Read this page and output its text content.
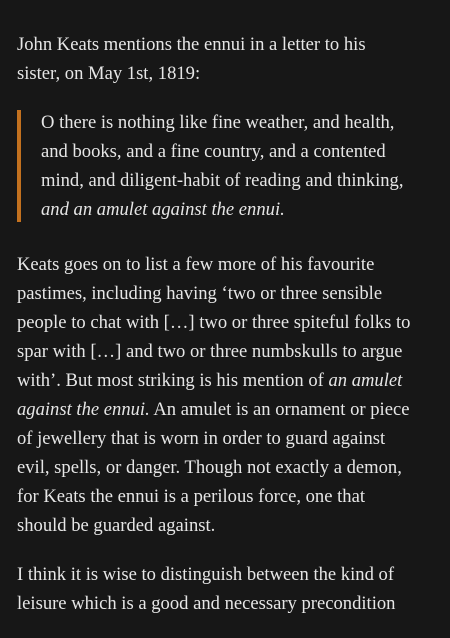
John Keats mentions the ennui in a letter to his
sister, on May 1st, 1819:

O there is nothing like fine weather, and health,
and books, and a fine country, and a contented
mind, and diligent-habit of reading and thinking,
and an amulet against the ennui.

Keats goes on to list a few more of his favourite
pastimes, including having ‘two or three sensible
people to chat with […] two or three spiteful folks to
spar with […] and two or three numbskulls to argue
with’. But most striking is his mention of an amulet
against the ennui. An amulet is an ornament or piece
of jewellery that is worn in order to guard against
evil, spells, or danger. Though not exactly a demon,
for Keats the ennui is a perilous force, one that
should be guarded against.

I think it is wise to distinguish between the kind of
leisure which is a good and necessary precondition
